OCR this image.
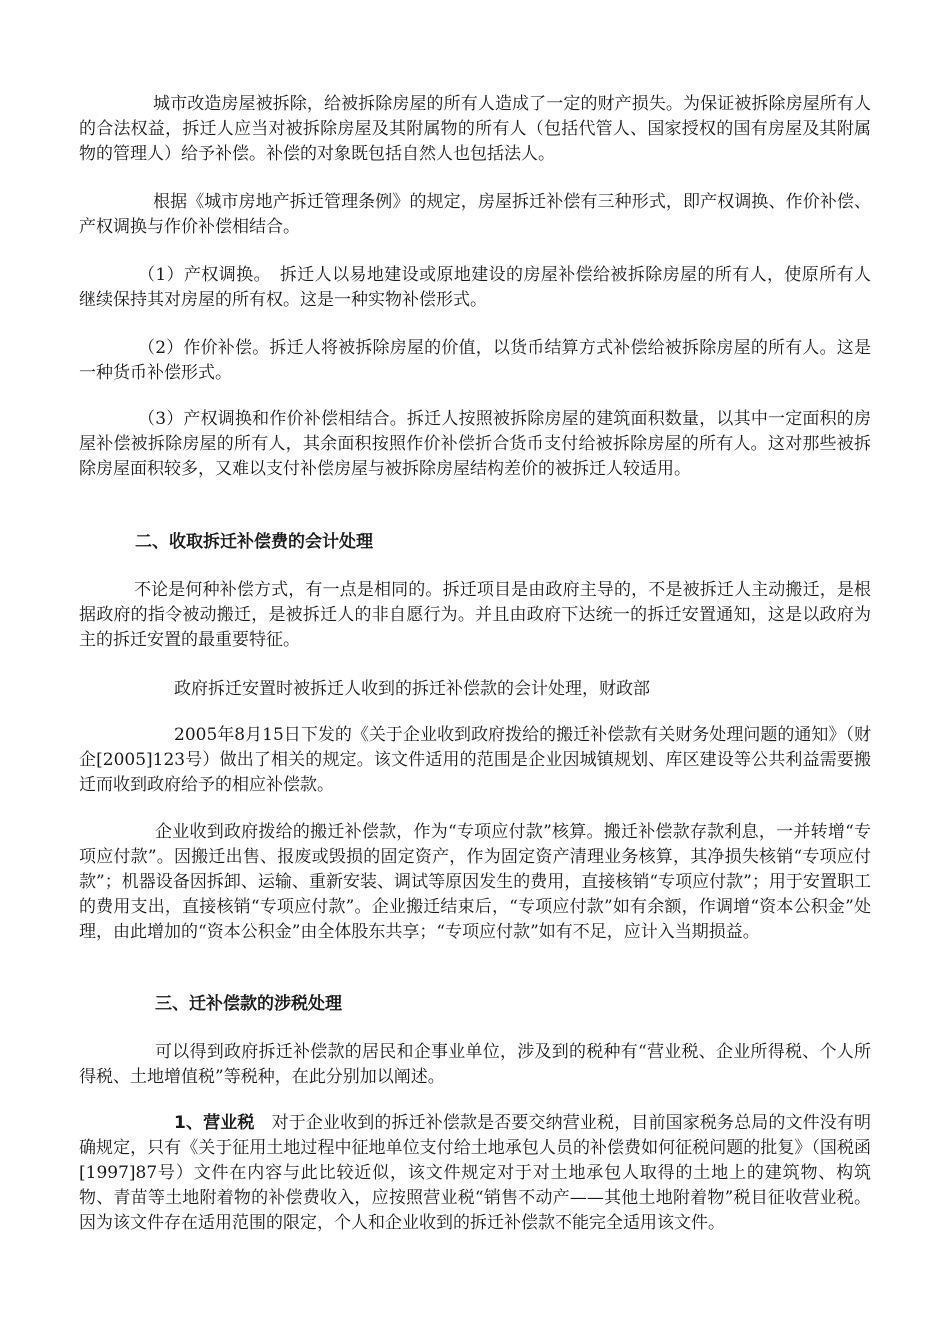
城市改造房屋被拆除，给被拆除房屋的所有人造成了一定的财产损失。为保证被拆除房屋所有人的合法权益，拆迁人应当对被拆除房屋及其附属物的所有人（包括代管人、国家授权的国有房屋及其附属物的管理人）给予补偿。补偿的对象既包括自然人也包括法人。

根据《城市房地产拆迁管理条例》的规定，房屋拆迁补偿有三种形式，即产权调换、作价补偿、产权调换与作价补偿相结合。

（1）产权调换。　拆迁人以易地建设或原地建设的房屋补偿给被拆除房屋的所有人，使原所有人继续保持其对房屋的所有权。这是一种实物补偿形式。

（2）作价补偿。拆迁人将被拆除房屋的价值，以货币结算方式补偿给被拆除房屋的所有人。这是一种货币补偿形式。

（3）产权调换和作价补偿相结合。拆迁人按照被拆除房屋的建筑面积数量，以其中一定面积的房屋补偿被拆除房屋的所有人，其余面积按照作价补偿折合货币支付给被拆除房屋的所有人。这对那些被拆除房屋面积较多，又难以支付补偿房屋与被拆除房屋结构差价的被拆迁人较适用。

二、收取拆迁补偿费的会计处理

不论是何种补偿方式，有一点是相同的。拆迁项目是由政府主导的，不是被拆迁人主动搬迁，是根据政府的指令被动搬迁，是被拆迁人的非自愿行为。并且由政府下达统一的拆迁安置通知，这是以政府为主的拆迁安置的最重要特征。

政府拆迁安置时被拆迁人收到的拆迁补偿款的会计处理，财政部

2005年8月15日下发的《关于企业收到政府拨给的搬迁补偿款有关财务处理问题的通知》（财企[2005]123号）做出了相关的规定。该文件适用的范围是企业因城镇规划、库区建设等公共利益需要搬迁而收到政府给予的相应补偿款。

企业收到政府拨给的搬迁补偿款，作为“专项应付款”核算。搬迁补偿款存款利息，一并转增“专项应付款”。因搬迁出售、报废或毁损的固定资产，作为固定资产清理业务核算，其净损失核销“专项应付款”；机器设备因拆卸、运输、重新安装、调试等原因发生的费用，直接核销“专项应付款”；用于安置职工的费用支出，直接核销“专项应付款”。企业搬迁结束后，“专项应付款”如有余额，作调增“资本公积金”处理，由此增加的“资本公积金”由全体股东共享；“专项应付款”如有不足，应计入当期损益。

三、迁补偿款的涉税处理

可以得到政府拆迁补偿款的居民和企事业单位，涉及到的税种有“营业税、企业所得税、个人所得税、土地增值税”等税种，在此分别加以阐述。

1、营业税　对于企业收到的拆迁补偿款是否要交纳营业税，目前国家税务总局的文件没有明确规定，只有《关于征用土地过程中征地单位支付给土地承包人员的补偿费如何征税问题的批复》（国税函[1997]87号）文件在内容与此比较近似，该文件规定对于对土地承包人取得的土地上的建筑物、构筑物、青苗等土地附着物的补偿费收入，应按照营业税“销售不动产——其他土地附着物”税目征收营业税。因为该文件存在适用范围的限定，个人和企业收到的拆迁补偿款不能完全适用该文件。
